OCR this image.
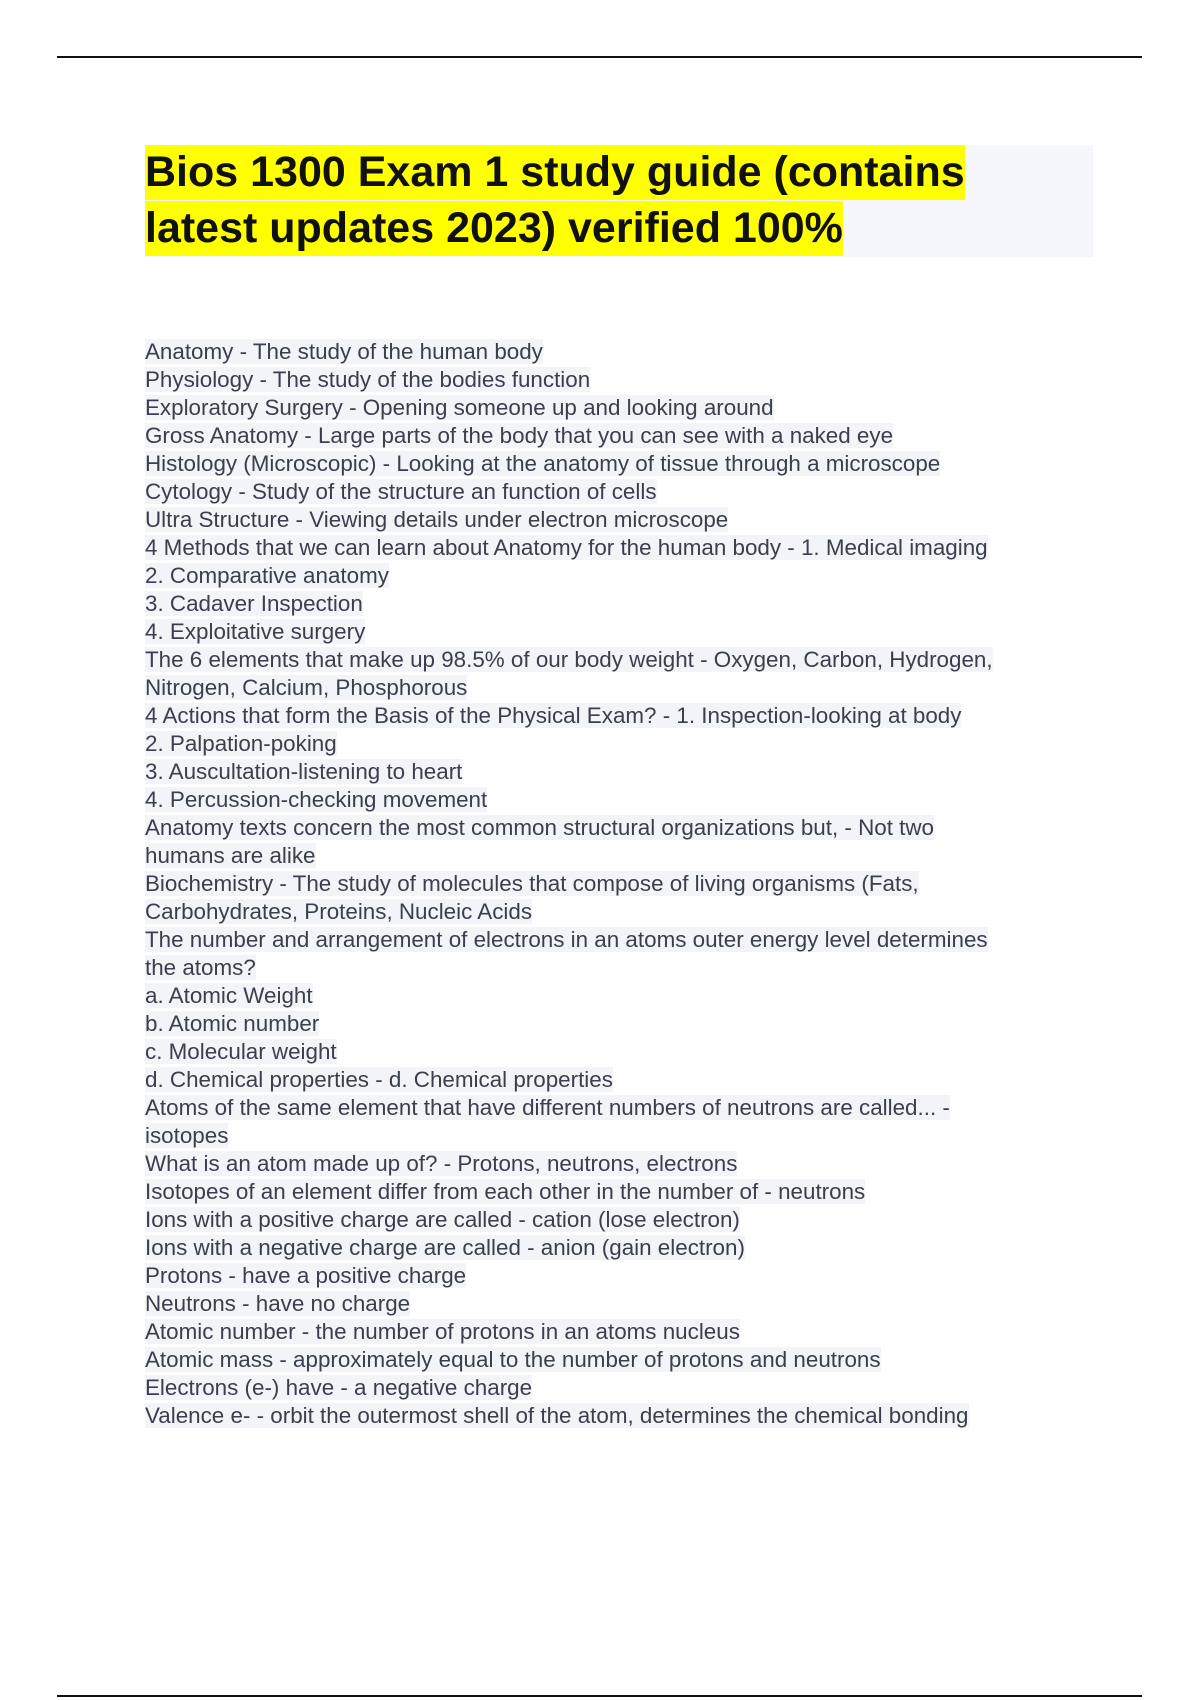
Bios 1300 Exam 1 study guide (contains
latest updates 2023) verified 100%
Anatomy - The study of the human body
Physiology - The study of the bodies function
Exploratory Surgery - Opening someone up and looking around
Gross Anatomy - Large parts of the body that you can see with a naked eye
Histology (Microscopic) - Looking at the anatomy of tissue through a microscope
Cytology - Study of the structure an function of cells
Ultra Structure - Viewing details under electron microscope
4 Methods that we can learn about Anatomy for the human body - 1. Medical imaging
2. Comparative anatomy
3. Cadaver Inspection
4. Exploitative surgery
The 6 elements that make up 98.5% of our body weight - Oxygen, Carbon, Hydrogen,
Nitrogen, Calcium, Phosphorous
4 Actions that form the Basis of the Physical Exam? - 1. Inspection-looking at body
2. Palpation-poking
3. Auscultation-listening to heart
4. Percussion-checking movement
Anatomy texts concern the most common structural organizations but, - Not two
humans are alike
Biochemistry - The study of molecules that compose of living organisms (Fats,
Carbohydrates, Proteins, Nucleic Acids
The number and arrangement of electrons in an atoms outer energy level determines
the atoms?
a. Atomic Weight
b. Atomic number
c. Molecular weight
d. Chemical properties - d. Chemical properties
Atoms of the same element that have different numbers of neutrons are called... -
isotopes
What is an atom made up of? - Protons, neutrons, electrons
Isotopes of an element differ from each other in the number of - neutrons
Ions with a positive charge are called - cation (lose electron)
Ions with a negative charge are called - anion (gain electron)
Protons - have a positive charge
Neutrons - have no charge
Atomic number - the number of protons in an atoms nucleus
Atomic mass - approximately equal to the number of protons and neutrons
Electrons (e-) have - a negative charge
Valence e- - orbit the outermost shell of the atom, determines the chemical bonding
